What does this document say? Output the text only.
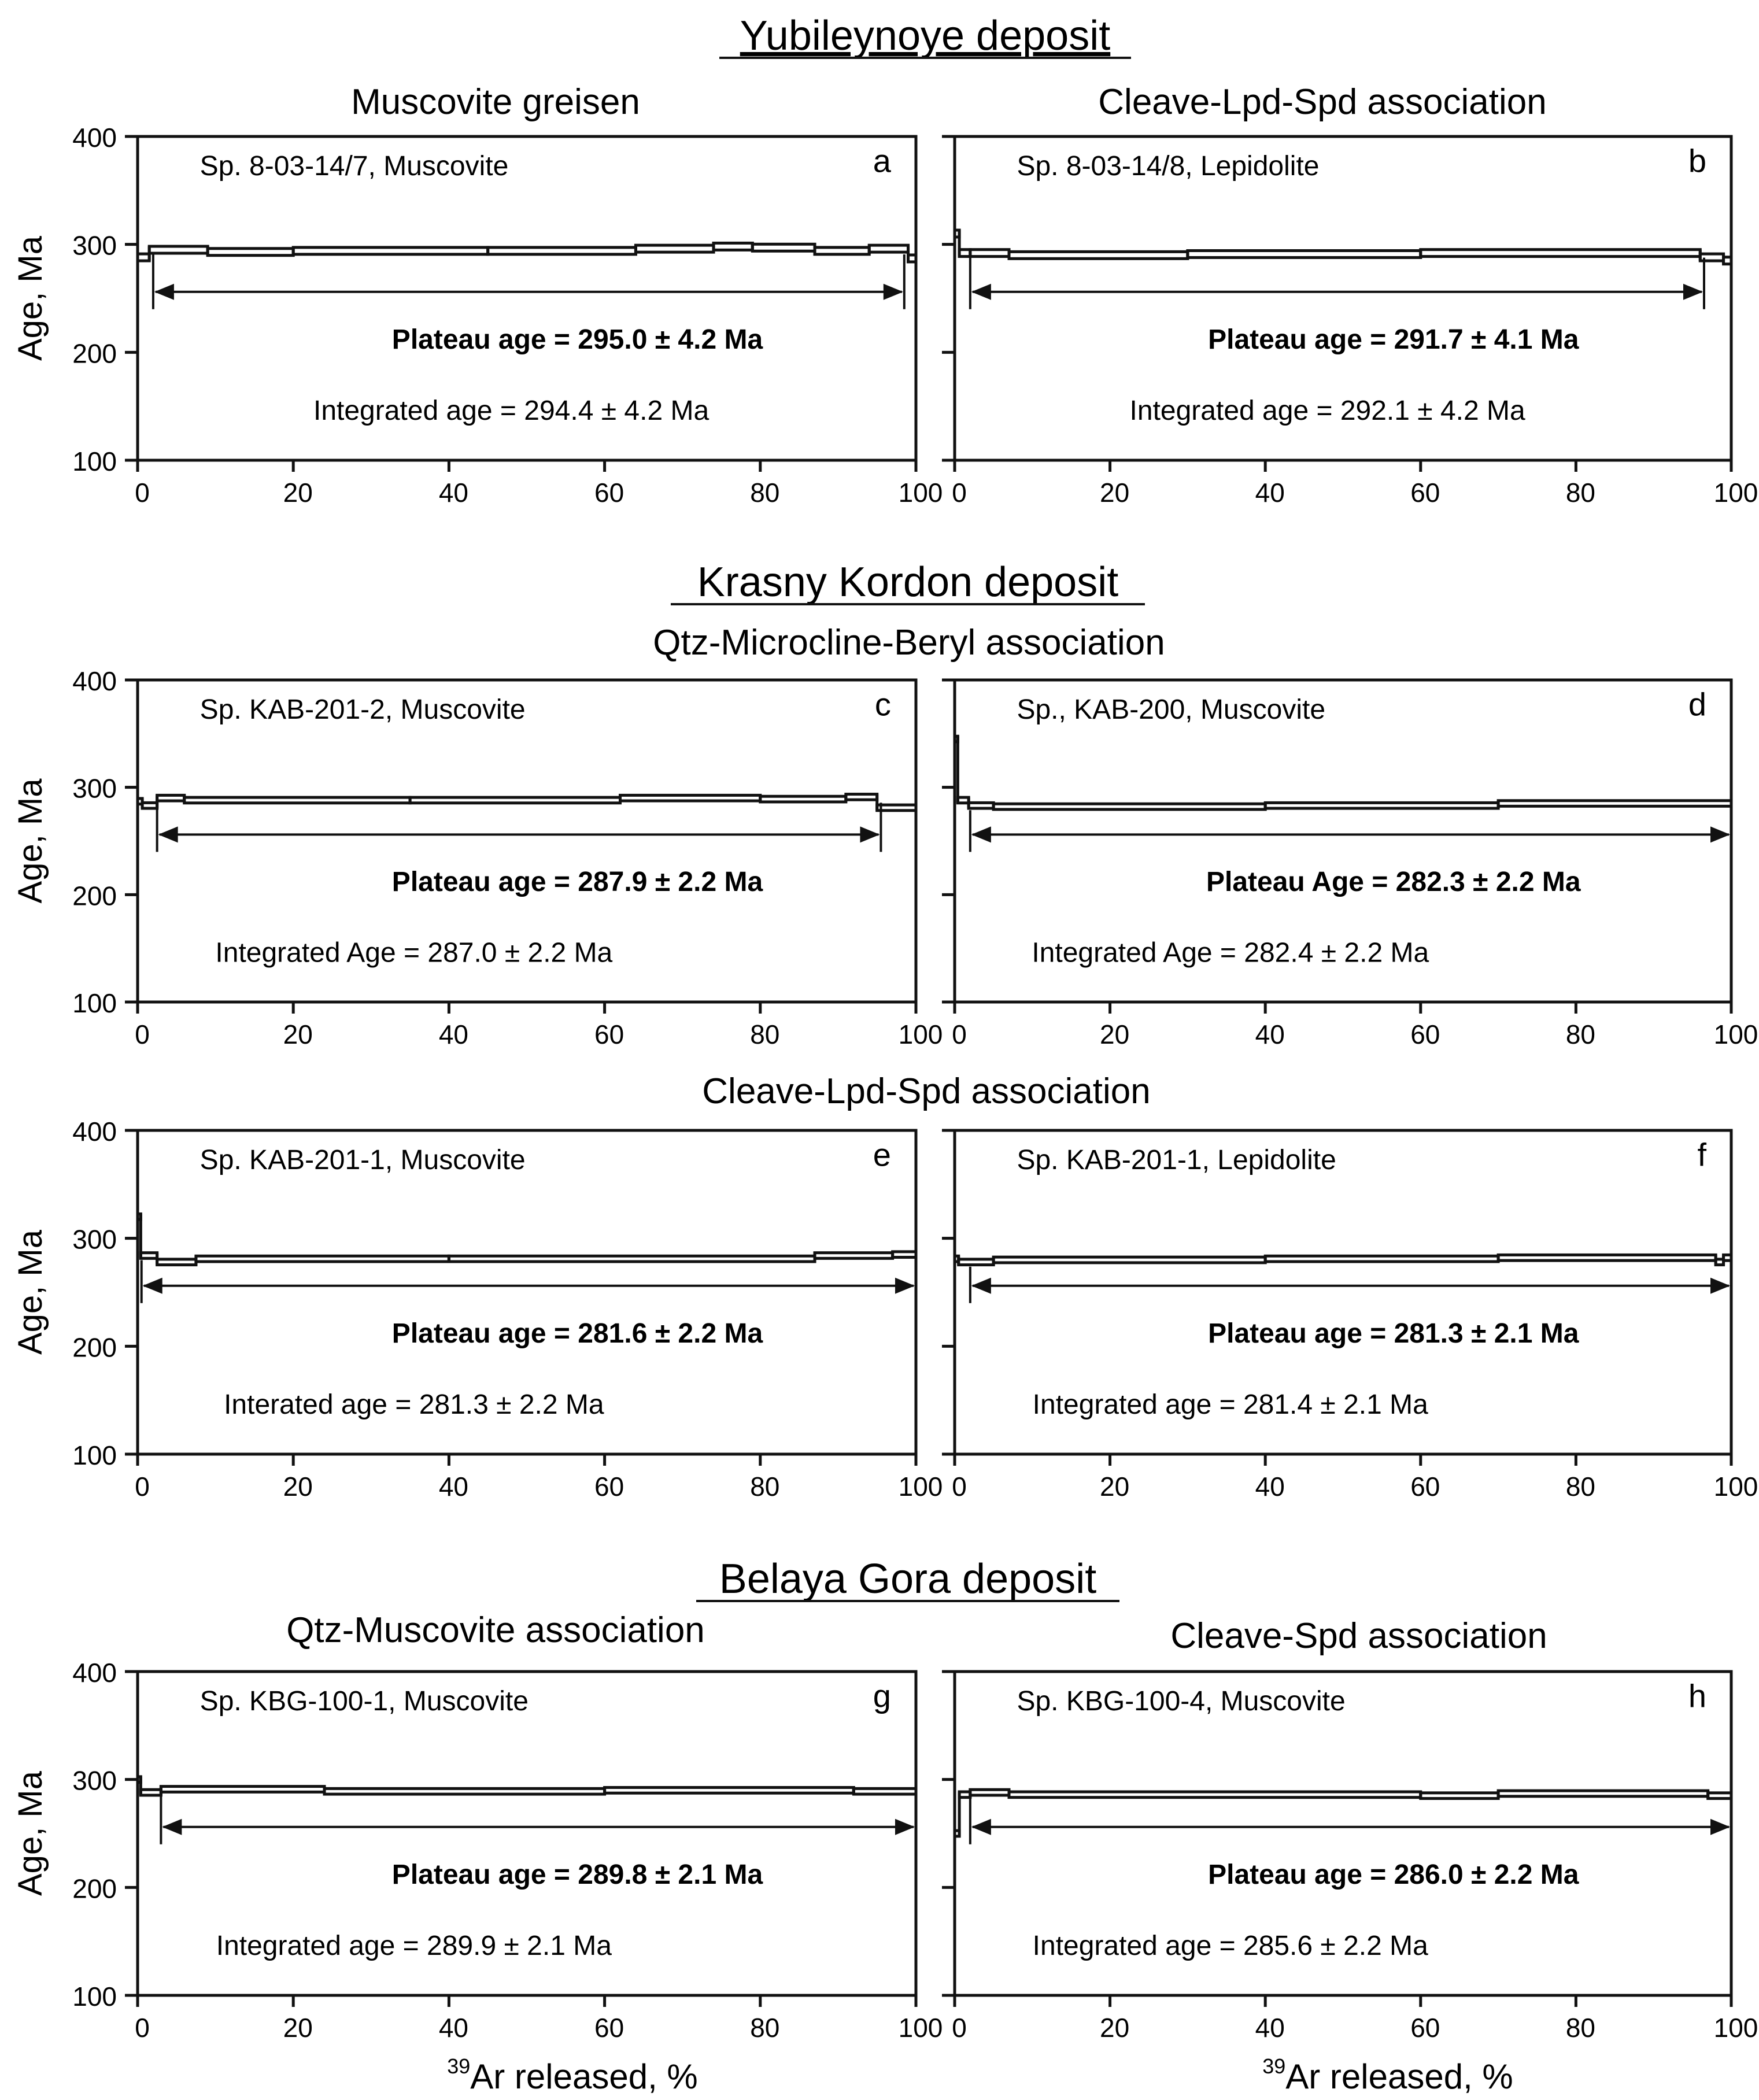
Yubileynoye deposit
Krasny Kordon deposit
Belaya Gora deposit
Muscovite greisen	Cleave-Lpd-Spd association
Qtz-Microcline-Beryl association
Cleave-Lpd-Spd association
Qtz-Muscovite association	Cleave-Spd association
$^{39}$Ar released, %	$^{39}$Ar released, %
100
200
300
400
Age, Ma
0	20	40	60	80	100
Sp. 8-03-14/7, Muscovite	a
Plateau age = 295.0 ± 4.2 Ma
Integrated age = 294.4 ± 4.2 Ma
0	20	40	60	80	100
Sp. 8-03-14/8, Lepidolite	b
Plateau age = 291.7 ± 4.1 Ma
Integrated age = 292.1 ± 4.2 Ma
100
200
300
400
Age, Ma
0	20	40	60	80	100
Sp. KAB-201-2, Muscovite	c
Plateau age = 287.9 ± 2.2 Ma
Integrated Age = 287.0 ± 2.2 Ma
0	20	40	60	80	100
Sp., KAB-200, Muscovite	d
Plateau Age = 282.3 ± 2.2 Ma
Integrated Age = 282.4 ± 2.2 Ma
100
200
300
400
Age, Ma
0	20	40	60	80	100
Sp. KAB-201-1, Muscovite	e
Plateau age = 281.6 ± 2.2 Ma
Interated age = 281.3 ± 2.2 Ma
0	20	40	60	80	100
Sp. KAB-201-1, Lepidolite	f
Plateau age = 281.3 ± 2.1 Ma
Integrated age = 281.4 ± 2.1 Ma
100
200
300
400
Age, Ma
0	20	40	60	80	100
Sp. KBG-100-1, Muscovite	g
Plateau age = 289.8 ± 2.1 Ma
Integrated age = 289.9 ± 2.1 Ma
0	20	40	60	80	100
Sp. KBG-100-4, Muscovite	h
Plateau age = 286.0 ± 2.2 Ma
Integrated age = 285.6 ± 2.2 Ma
